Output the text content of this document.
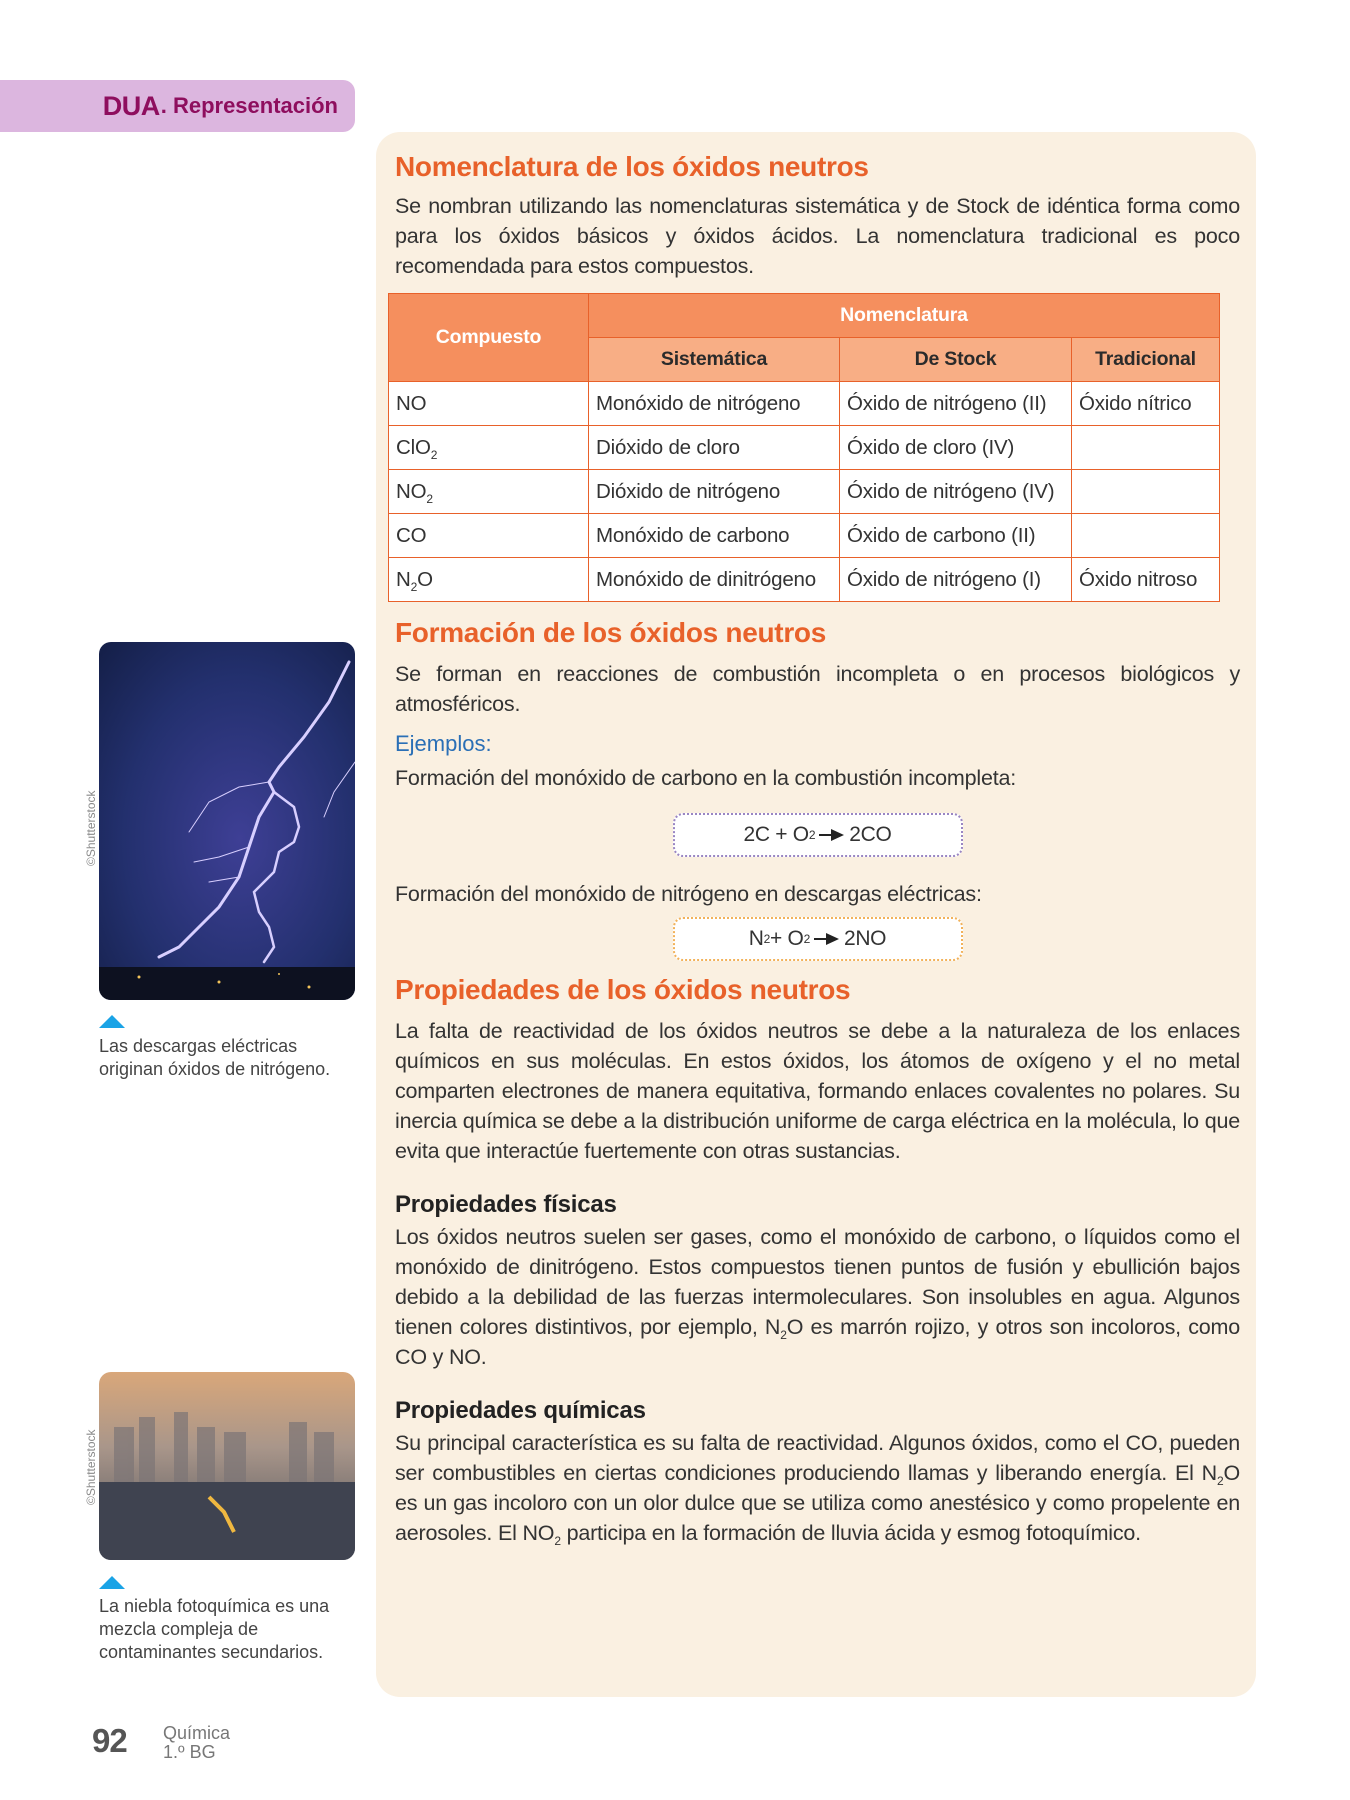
DUA . Representación
Nomenclatura de los óxidos neutros

Se nombran utilizando las nomenclaturas sistemática y de Stock de idéntica forma como para los óxidos básicos y óxidos ácidos. La nomenclatura tradicional es poco recomendada para estos compuestos.

Compuesto	Nomenclatura		
	Sistemática	De Stock	Tradicional
NO	Monóxido de nitrógeno	Óxido de nitrógeno (II)	Óxido nítrico
ClO$_2$	Dióxido de cloro	Óxido de cloro (IV)	
$NO_2$	Dióxido de nitrógeno	Óxido de nitrógeno (IV)	
CO	Monóxido de carbono	Óxido de carbono (II)	
$N_2O$	Monóxido de dinitrógeno	Óxido de nitrógeno (I)	Óxido nitroso
Formación de los óxidos neutros

Se forman en reacciones de combustión incompleta o en procesos biológicos y atmosféricos.

Ejemplos:

Formación del monóxido de carbono en la combustión incompleta:

2C + O 2 2CO

Formación del monóxido de nitrógeno en descargas eléctricas:

N 2 + O 2 2NO
Propiedades de los óxidos neutros

La falta de reactividad de los óxidos neutros se debe a la naturaleza de los enlaces químicos en sus moléculas. En estos óxidos, los átomos de oxígeno y el no metal comparten electrones de manera equitativa, formando enlaces covalentes no polares. Su inercia química se debe a la distribución uniforme de carga eléctrica en la molécula, lo que evita que interactúe fuertemente con otras sustancias.

Propiedades físicas

Los óxidos neutros suelen ser gases, como el monóxido de carbono, o líquidos como el monóxido de dinitrógeno. Estos compuestos tienen puntos de fusión y ebullición bajos debido a la debilidad de las fuerzas intermoleculares. Son insolubles en agua. Algunos tienen colores distintivos, por ejemplo, $N_2O$ es marrón rojizo, y otros son incoloros, como CO y NO.

Propiedades químicas

Su principal característica es su falta de reactividad. Algunos óxidos, como el CO, pueden ser combustibles en ciertas condiciones produciendo llamas y liberando energía. El $N_2O$ es un gas incoloro con un olor dulce que se utiliza como anestésico y como propelente en aerosoles. El $NO_2$ participa en la formación de lluvia ácida y esmog fotoquímico.

©Shutterstock
Las descargas eléctricas originan óxidos de nitrógeno.
©Shutterstock
La niebla fotoquímica es una mezcla compleja de contaminantes secundarios.
92 Química
1.º BG
